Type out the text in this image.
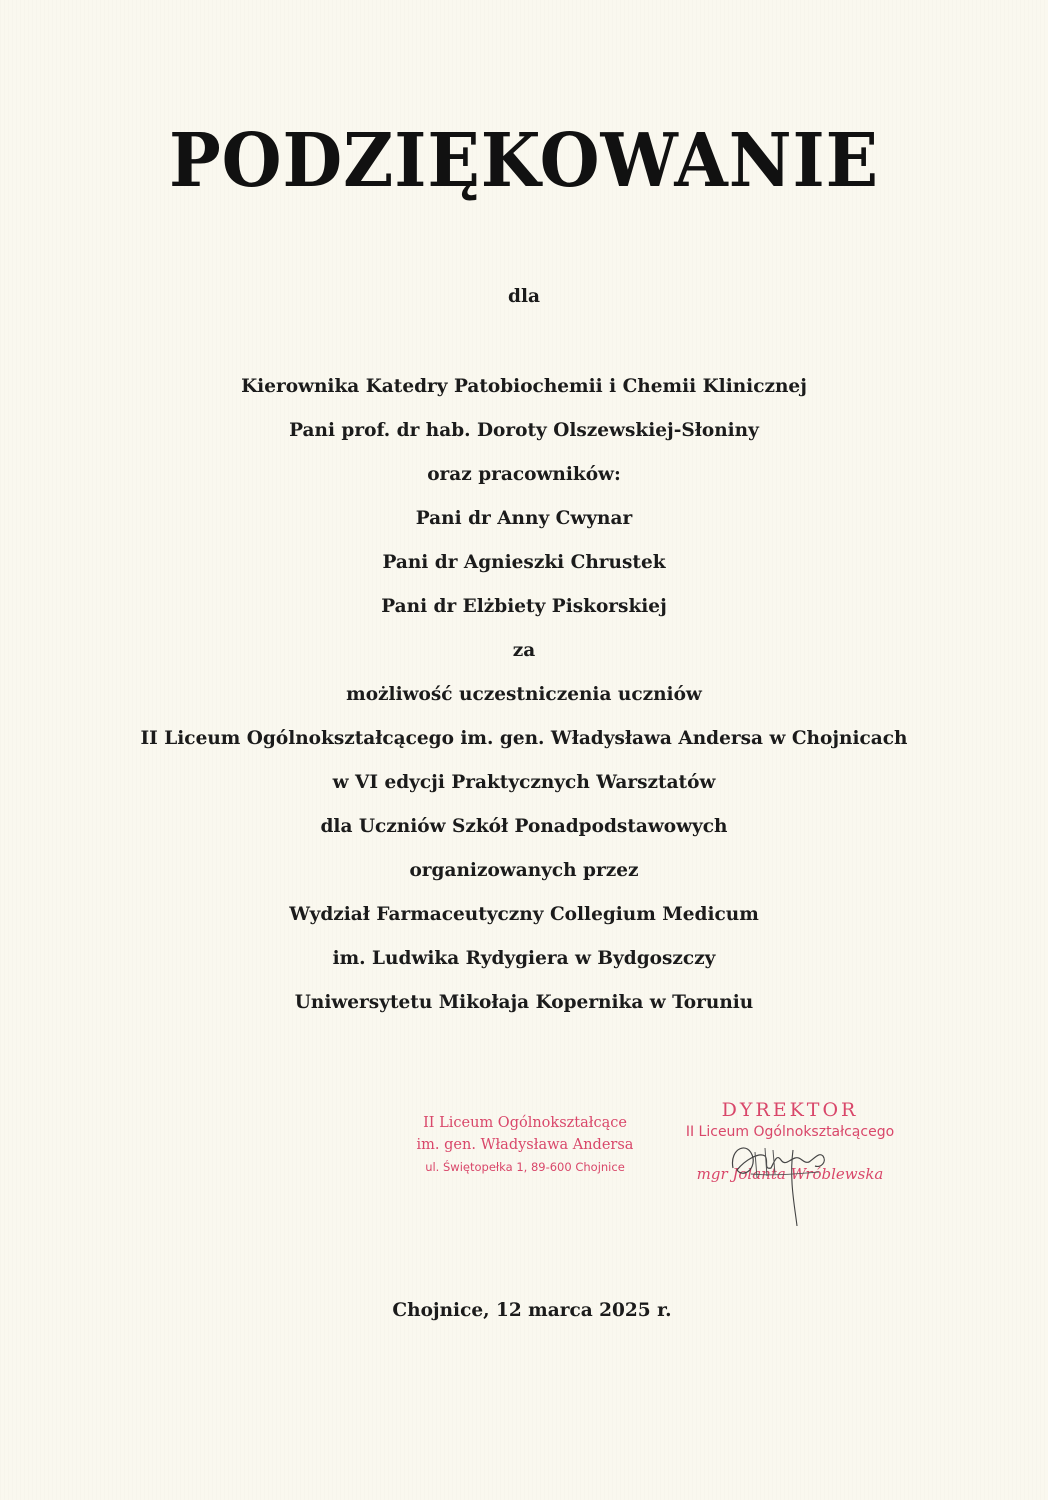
PODZIĘKOWANIE
dla
Kierownika Katedry Patobiochemii i Chemii Klinicznej
Pani prof. dr hab. Doroty Olszewskiej-Słoniny
oraz pracowników:
Pani dr Anny Cwynar
Pani dr Agnieszki Chrustek
Pani dr Elżbiety Piskorskiej
za
możliwość uczestniczenia uczniów
II Liceum Ogólnokształcącego im. gen. Władysława Andersa w Chojnicach
w VI edycji Praktycznych Warsztatów
dla Uczniów Szkół Ponadpodstawowych
organizowanych przez
Wydział Farmaceutyczny Collegium Medicum
im. Ludwika Rydygiera w Bydgoszczy
Uniwersytetu Mikołaja Kopernika w Toruniu
II Liceum Ogólnokształcące
im. gen. Władysława Andersa
ul. Świętopełka 1, 89-600 Chojnice
DYREKTOR
II Liceum Ogólnokształcącego
mgr Jolanta Wróblewska
Chojnice, 12 marca 2025 r.
